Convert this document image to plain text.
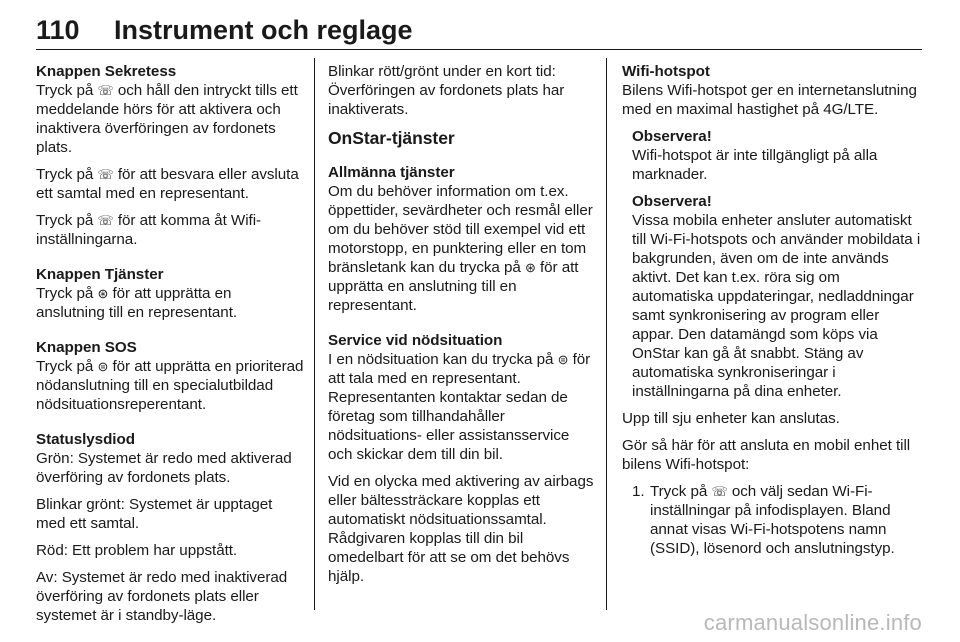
110	Instrument och reglage

Knappen Sekretess

Tryck på ☏ och håll den intryckt tills ett meddelande hörs för att aktivera och inaktivera överföringen av fordonets plats.

Tryck på ☏ för att besvara eller avsluta ett samtal med en representant.

Tryck på ☏ för att komma åt Wifi-inställningarna.

Knappen Tjänster

Tryck på ⊛ för att upprätta en anslutning till en representant.

Knappen SOS

Tryck på ⊜ för att upprätta en prioriterad nödanslutning till en specialutbildad nödsituationsreperentant.

Statuslysdiod

Grön: Systemet är redo med aktiverad överföring av fordonets plats.

Blinkar grönt: Systemet är upptaget med ett samtal.

Röd: Ett problem har uppstått.

Av: Systemet är redo med inaktiverad överföring av fordonets plats eller systemet är i standby-läge.

Blinkar rött/grönt under en kort tid: Överföringen av fordonets plats har inaktiverats.

OnStar-tjänster

Allmänna tjänster

Om du behöver information om t.ex. öppettider, sevärdheter och resmål eller om du behöver stöd till exempel vid ett motorstopp, en punktering eller en tom bränsletank kan du trycka på ⊛ för att upprätta en anslutning till en representant.

Service vid nödsituation

I en nödsituation kan du trycka på ⊜ för att tala med en representant. Representanten kontaktar sedan de företag som tillhandahåller nödsituations- eller assistansservice och skickar dem till din bil.

Vid en olycka med aktivering av airbags eller bältessträckare kopplas ett automatiskt nödsituationssamtal. Rådgivaren kopplas till din bil omedelbart för att se om det behövs hjälp.

Wifi-hotspot

Bilens Wifi-hotspot ger en internetanslutning med en maximal hastighet på 4G/LTE.

Observera!

Wifi-hotspot är inte tillgängligt på alla marknader.

Observera!

Vissa mobila enheter ansluter automatiskt till Wi-Fi-hotspots och använder mobildata i bakgrunden, även om de inte används aktivt. Det kan t.ex. röra sig om automatiska uppdateringar, nedladdningar samt synkronisering av program eller appar. Den datamängd som köps via OnStar kan gå åt snabbt. Stäng av automatiska synkroniseringar i inställningarna på dina enheter.

Upp till sju enheter kan anslutas.

Gör så här för att ansluta en mobil enhet till bilens Wifi-hotspot:

1. Tryck på ☏ och välj sedan Wi-Fi-inställningar på infodisplayen. Bland annat visas Wi-Fi-hotspotens namn (SSID), lösenord och anslutningstyp.
carmanualsonline.info
